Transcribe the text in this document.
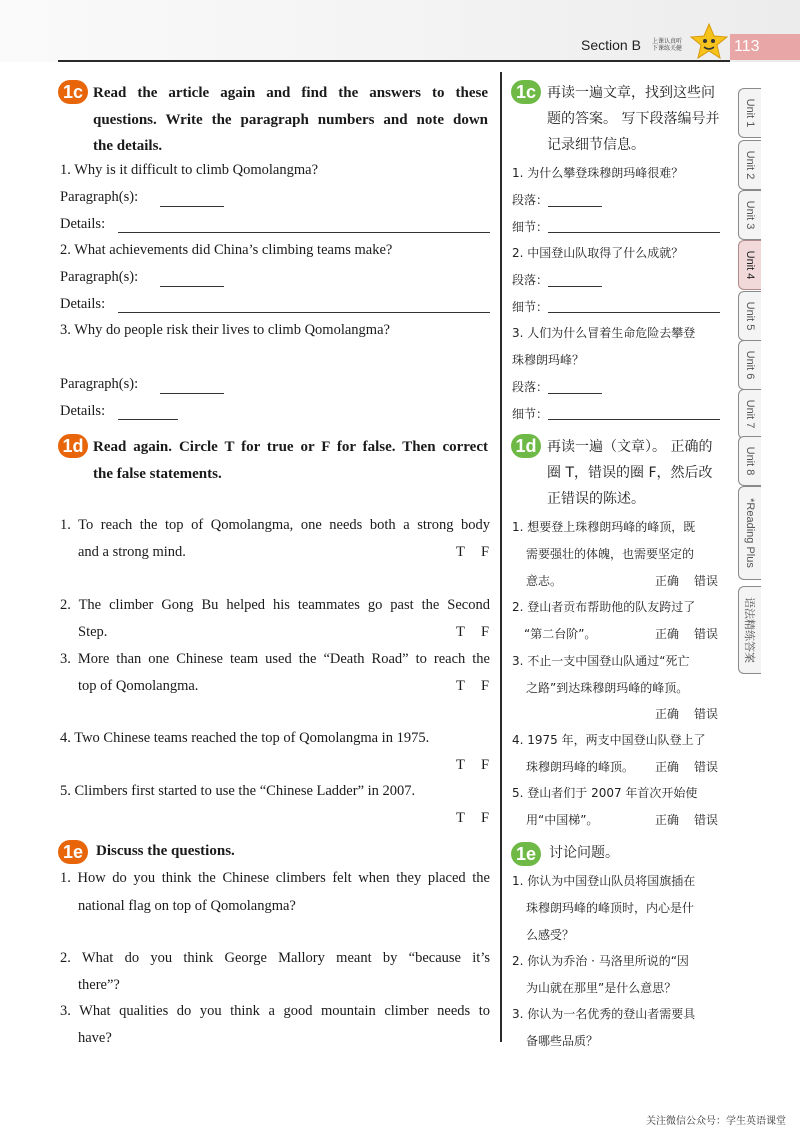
Section B 上课认真听
下课练关健	113
Unit 1
Unit 2
Unit 3
Unit 4
Unit 5
Unit 6
Unit 7
Unit 8
*Reading Plus
语法精练答案
1c Read the article again and find the answers to these
questions. Write the paragraph numbers and note down
the details.
1. Why is it difficult to climb Qomolangma?
Paragraph(s):
Details:
2. What achievements did China’s climbing teams make?
Paragraph(s):
Details:
3. Why do people risk their lives to climb Qomolangma?
Paragraph(s):
Details:
1d Read again. Circle T for true or F for false. Then correct
the false statements.
1. To reach the top of Qomolangma, one needs both a strong body
and a strong mind.	T F
2. The climber Gong Bu helped his teammates go past the Second
Step.	T F
3. More than one Chinese team used the “Death Road” to reach the
top of Qomolangma.	T F
4. Two Chinese teams reached the top of Qomolangma in 1975.
T F
5. Climbers first started to use the “Chinese Ladder” in 2007.
T F
1e Discuss the questions.
1. How do you think the Chinese climbers felt when they placed the
national flag on top of Qomolangma?
2. What do you think George Mallory meant by “because it’s
there”?
3. What qualities do you think a good mountain climber needs to
have?
1c 再读一遍文章，找到这些问
题的答案。 写下段落编号并
记录细节信息。
1. 为什么攀登珠穆朗玛峰很难？
段落：
细节：
2. 中国登山队取得了什么成就？
段落：
细节：
3. 人们为什么冒着生命危险去攀登
珠穆朗玛峰？
段落：
细节：
1d 再读一遍（文章）。 正确的
圈 T，错误的圈 F，然后改
正错误的陈述。
1. 想要登上珠穆朗玛峰的峰顶，既
需要强壮的体魄，也需要坚定的
意志。	正确 错误
2. 登山者贡布帮助他的队友跨过了
“第二台阶”。	正确 错误
3. 不止一支中国登山队通过“死亡
之路”到达珠穆朗玛峰的峰顶。
正确 错误
4. 1975 年，两支中国登山队登上了
珠穆朗玛峰的峰顶。 正确 错误
5. 登山者们于 2007 年首次开始使
用“中国梯”。	正确 错误
1e 讨论问题。
1. 你认为中国登山队员将国旗插在
珠穆朗玛峰的峰顶时，内心是什
么感受？
2. 你认为乔治 · 马洛里所说的“因
为山就在那里”是什么意思？
3. 你认为一名优秀的登山者需要具
备哪些品质？
关注微信公众号：学生英语课堂
